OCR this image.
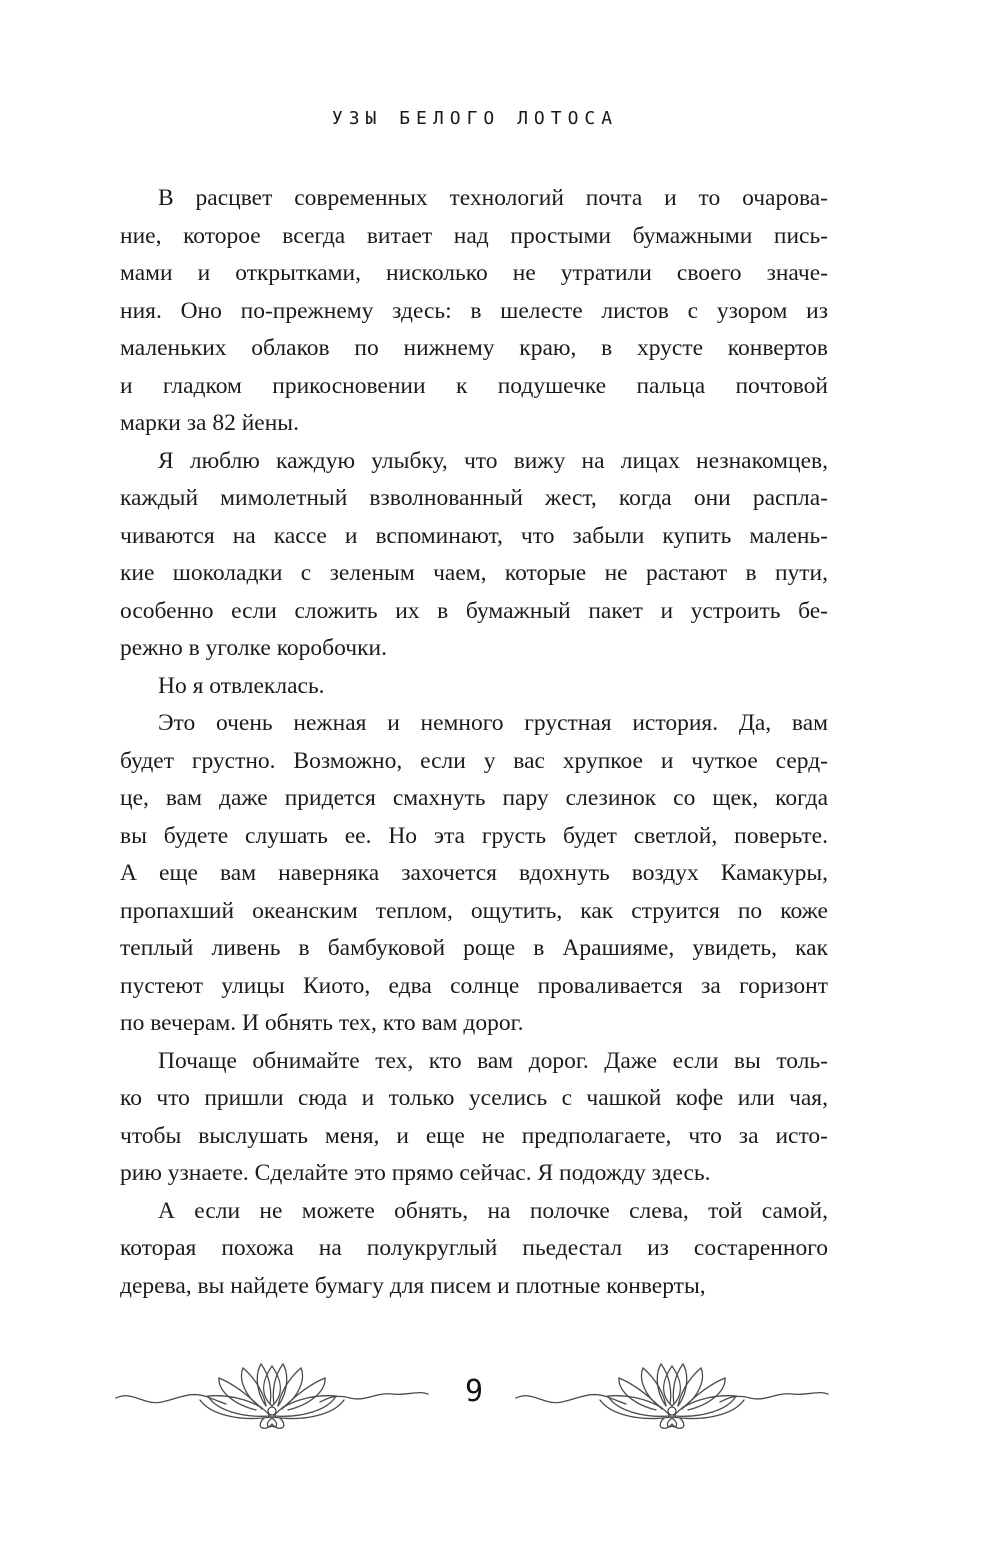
УЗЫ БЕЛОГО ЛОТОСА
В расцвет современных технологий почта и то очарова-
ние, которое всегда витает над простыми бумажными пись-
мами и открытками, нисколько не утратили своего значе-
ния. Оно по-прежнему здесь: в шелесте листов с узором из
маленьких облаков по нижнему краю, в хрусте конвертов
и гладком прикосновении к подушечке пальца почтовой
марки за 82 йены.
Я люблю каждую улыбку, что вижу на лицах незнакомцев,
каждый мимолетный взволнованный жест, когда они распла-
чиваются на кассе и вспоминают, что забыли купить малень-
кие шоколадки с зеленым чаем, которые не растают в пути,
особенно если сложить их в бумажный пакет и устроить бе-
режно в уголке коробочки.
Но я отвлеклась.
Это очень нежная и немного грустная история. Да, вам
будет грустно. Возможно, если у вас хрупкое и чуткое серд-
це, вам даже придется смахнуть пару слезинок со щек, когда
вы будете слушать ее. Но эта грусть будет светлой, поверьте.
А еще вам наверняка захочется вдохнуть воздух Камакуры,
пропахший океанским теплом, ощутить, как струится по коже
теплый ливень в бамбуковой роще в Арашияме, увидеть, как
пустеют улицы Киото, едва солнце проваливается за горизонт
по вечерам. И обнять тех, кто вам дорог.
Почаще обнимайте тех, кто вам дорог. Даже если вы толь-
ко что пришли сюда и только уселись с чашкой кофе или чая,
чтобы выслушать меня, и еще не предполагаете, что за исто-
рию узнаете. Сделайте это прямо сейчас. Я подожду здесь.
А если не можете обнять, на полочке слева, той самой,
которая похожа на полукруглый пьедестал из состаренного
дерева, вы найдете бумагу для писем и плотные конверты,
9
